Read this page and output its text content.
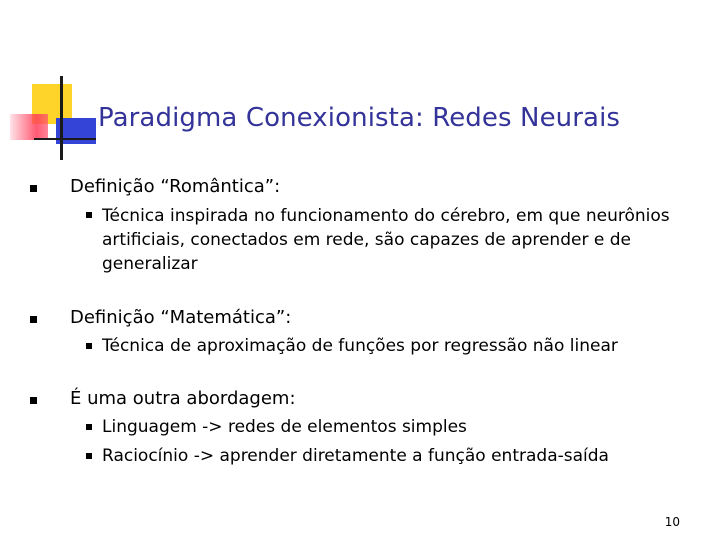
Paradigma Conexionista: Redes Neurais
Definição “Romântica”:
Técnica inspirada no funcionamento do cérebro, em que neurônios artificiais, conectados em rede, são capazes de aprender e de generalizar
Definição “Matemática”:
Técnica de aproximação de funções por regressão não linear
É uma outra abordagem:
Linguagem -> redes de elementos simples
Raciocínio -> aprender diretamente a função entrada-saída
10
